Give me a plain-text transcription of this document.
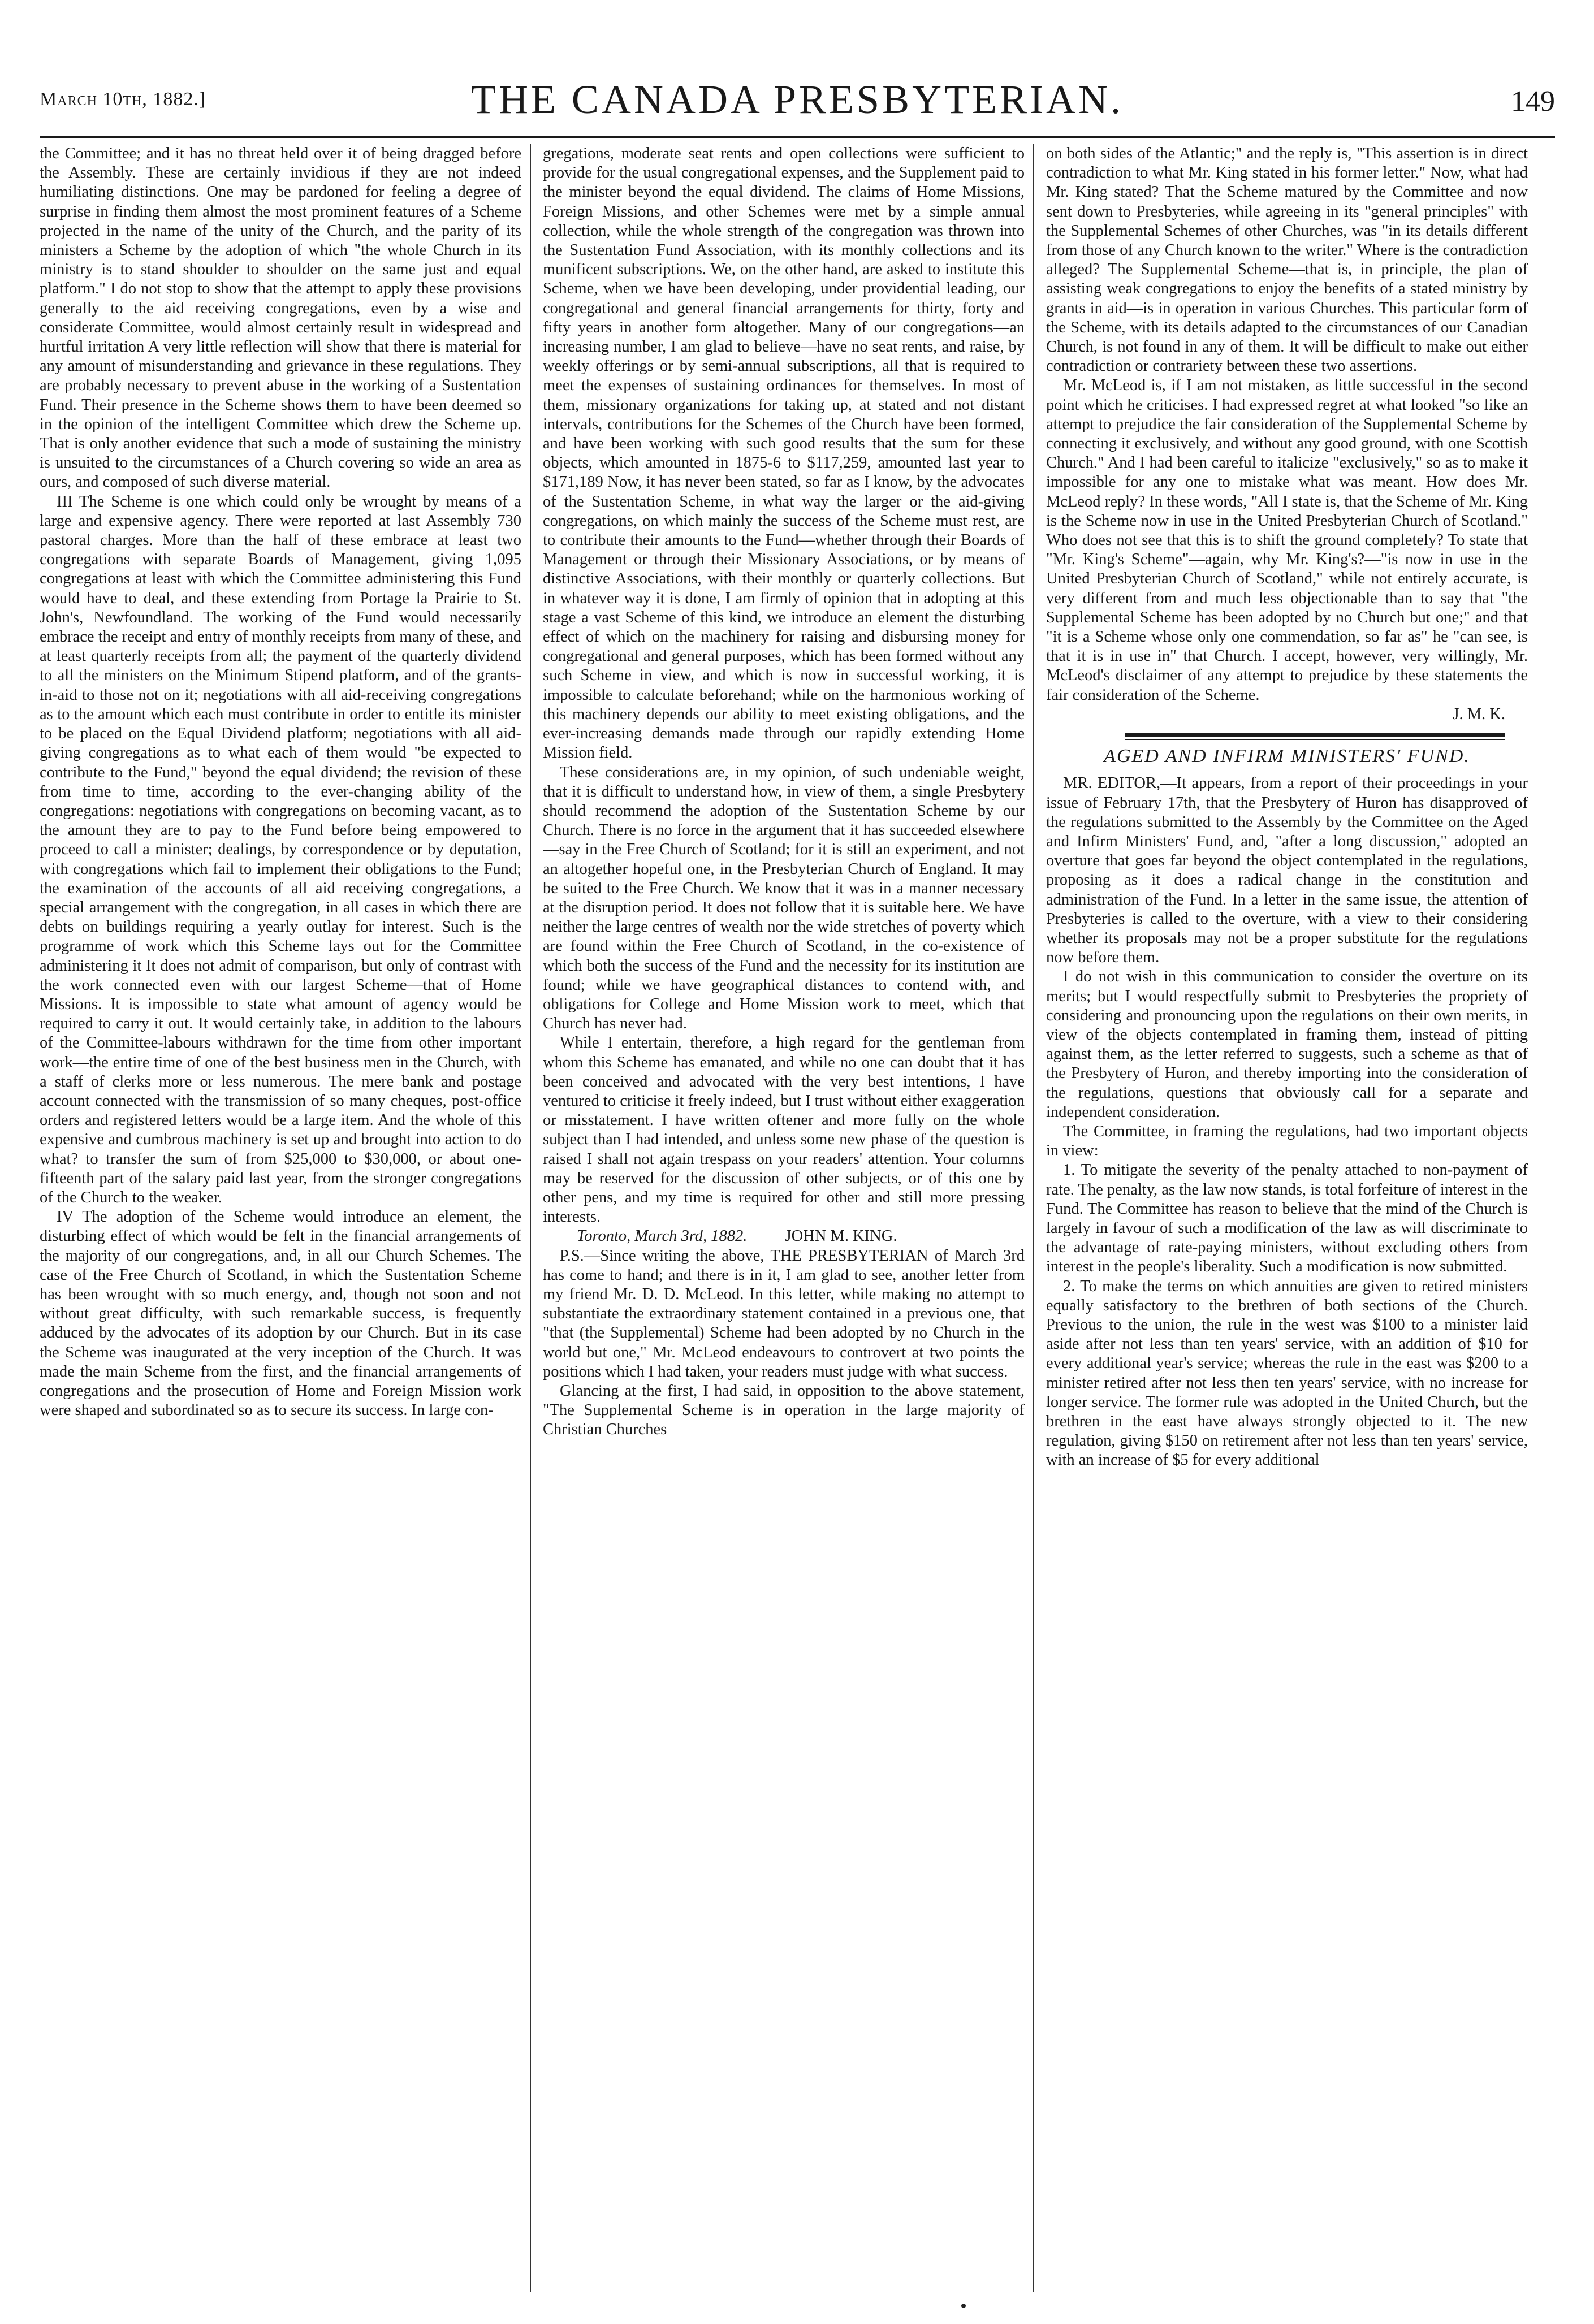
March 10th, 1882.]	THE CANADA PRESBYTERIAN.	149

the Committee; and it has no threat held over it of being dragged before the Assembly. These are certainly invidious if they are not indeed humiliating distinctions. One may be pardoned for feeling a degree of surprise in finding them almost the most prominent features of a Scheme projected in the name of the unity of the Church, and the parity of its ministers a Scheme by the adoption of which "the whole Church in its ministry is to stand shoulder to shoulder on the same just and equal platform." I do not stop to show that the attempt to apply these provisions generally to the aid receiving congregations, even by a wise and considerate Committee, would almost certainly result in widespread and hurtful irritation A very little reflection will show that there is material for any amount of misunderstanding and grievance in these regulations. They are probably necessary to prevent abuse in the working of a Sustentation Fund. Their presence in the Scheme shows them to have been deemed so in the opinion of the intelligent Committee which drew the Scheme up. That is only another evidence that such a mode of sustaining the ministry is unsuited to the circumstances of a Church covering so wide an area as ours, and composed of such diverse material.

III The Scheme is one which could only be wrought by means of a large and expensive agency. There were reported at last Assembly 730 pastoral charges. More than the half of these embrace at least two congregations with separate Boards of Management, giving 1,095 congregations at least with which the Committee administering this Fund would have to deal, and these extending from Portage la Prairie to St. John's, Newfoundland. The working of the Fund would necessarily embrace the receipt and entry of monthly receipts from many of these, and at least quarterly receipts from all; the payment of the quarterly dividend to all the ministers on the Minimum Stipend platform, and of the grants-in-aid to those not on it; negotiations with all aid-receiving congregations as to the amount which each must contribute in order to entitle its minister to be placed on the Equal Dividend platform; negotiations with all aid-giving congregations as to what each of them would "be expected to contribute to the Fund," beyond the equal dividend; the revision of these from time to time, according to the ever-changing ability of the congregations: negotiations with congregations on becoming vacant, as to the amount they are to pay to the Fund before being empowered to proceed to call a minister; dealings, by correspondence or by deputation, with congregations which fail to implement their obligations to the Fund; the examination of the accounts of all aid receiving congregations, a special arrangement with the congregation, in all cases in which there are debts on buildings requiring a yearly outlay for interest. Such is the programme of work which this Scheme lays out for the Committee administering it It does not admit of comparison, but only of contrast with the work connected even with our largest Scheme—that of Home Missions. It is impossible to state what amount of agency would be required to carry it out. It would certainly take, in addition to the labours of the Committee-labours withdrawn for the time from other important work—the entire time of one of the best business men in the Church, with a staff of clerks more or less numerous. The mere bank and postage account connected with the transmission of so many cheques, post-office orders and registered letters would be a large item. And the whole of this expensive and cumbrous machinery is set up and brought into action to do what? to transfer the sum of from $25,000 to $30,000, or about one-fifteenth part of the salary paid last year, from the stronger congregations of the Church to the weaker.

IV The adoption of the Scheme would introduce an element, the disturbing effect of which would be felt in the financial arrangements of the majority of our congregations, and, in all our Church Schemes. The case of the Free Church of Scotland, in which the Sustentation Scheme has been wrought with so much energy, and, though not soon and not without great difficulty, with such remarkable success, is frequently adduced by the advocates of its adoption by our Church. But in its case the Scheme was inaugurated at the very inception of the Church. It was made the main Scheme from the first, and the financial arrangements of congregations and the prosecution of Home and Foreign Mission work were shaped and subordinated so as to secure its success. In large con-

gregations, moderate seat rents and open collections were sufficient to provide for the usual congregational expenses, and the Supplement paid to the minister beyond the equal dividend. The claims of Home Missions, Foreign Missions, and other Schemes were met by a simple annual collection, while the whole strength of the congregation was thrown into the Sustentation Fund Association, with its monthly collections and its munificent subscriptions. We, on the other hand, are asked to institute this Scheme, when we have been developing, under providential leading, our congregational and general financial arrangements for thirty, forty and fifty years in another form altogether. Many of our congregations—an increasing number, I am glad to believe—have no seat rents, and raise, by weekly offerings or by semi-annual subscriptions, all that is required to meet the expenses of sustaining ordinances for themselves. In most of them, missionary organizations for taking up, at stated and not distant intervals, contributions for the Schemes of the Church have been formed, and have been working with such good results that the sum for these objects, which amounted in 1875-6 to $117,259, amounted last year to $171,189 Now, it has never been stated, so far as I know, by the advocates of the Sustentation Scheme, in what way the larger or the aid-giving congregations, on which mainly the success of the Scheme must rest, are to contribute their amounts to the Fund—whether through their Boards of Management or through their Missionary Associations, or by means of distinctive Associations, with their monthly or quarterly collections. But in whatever way it is done, I am firmly of opinion that in adopting at this stage a vast Scheme of this kind, we introduce an element the disturbing effect of which on the machinery for raising and disbursing money for congregational and general purposes, which has been formed without any such Scheme in view, and which is now in successful working, it is impossible to calculate beforehand; while on the harmonious working of this machinery depends our ability to meet existing obligations, and the ever-increasing demands made through our rapidly extending Home Mission field.

These considerations are, in my opinion, of such undeniable weight, that it is difficult to understand how, in view of them, a single Presbytery should recommend the adoption of the Sustentation Scheme by our Church. There is no force in the argument that it has succeeded elsewhere—say in the Free Church of Scotland; for it is still an experiment, and not an altogether hopeful one, in the Presbyterian Church of England. It may be suited to the Free Church. We know that it was in a manner necessary at the disruption period. It does not follow that it is suitable here. We have neither the large centres of wealth nor the wide stretches of poverty which are found within the Free Church of Scotland, in the co-existence of which both the success of the Fund and the necessity for its institution are found; while we have geographical distances to contend with, and obligations for College and Home Mission work to meet, which that Church has never had.

While I entertain, therefore, a high regard for the gentleman from whom this Scheme has emanated, and while no one can doubt that it has been conceived and advocated with the very best intentions, I have ventured to criticise it freely indeed, but I trust without either exaggeration or misstatement. I have written oftener and more fully on the whole subject than I had intended, and unless some new phase of the question is raised I shall not again trespass on your readers' attention. Your columns may be reserved for the discussion of other subjects, or of this one by other pens, and my time is required for other and still more pressing interests.

Toronto, March 3rd, 1882. JOHN M. KING.

P.S.—Since writing the above, THE PRESBYTERIAN of March 3rd has come to hand; and there is in it, I am glad to see, another letter from my friend Mr. D. D. McLeod. In this letter, while making no attempt to substantiate the extraordinary statement contained in a previous one, that "that (the Supplemental) Scheme had been adopted by no Church in the world but one," Mr. McLeod endeavours to controvert at two points the positions which I had taken, your readers must judge with what success.

Glancing at the first, I had said, in opposition to the above statement, "The Supplemental Scheme is in operation in the large majority of Christian Churches

on both sides of the Atlantic;" and the reply is, "This assertion is in direct contradiction to what Mr. King stated in his former letter." Now, what had Mr. King stated? That the Scheme matured by the Committee and now sent down to Presbyteries, while agreeing in its "general principles" with the Supplemental Schemes of other Churches, was "in its details different from those of any Church known to the writer." Where is the contradiction alleged? The Supplemental Scheme—that is, in principle, the plan of assisting weak congregations to enjoy the benefits of a stated ministry by grants in aid—is in operation in various Churches. This particular form of the Scheme, with its details adapted to the circumstances of our Canadian Church, is not found in any of them. It will be difficult to make out either contradiction or contrariety between these two assertions.

Mr. McLeod is, if I am not mistaken, as little successful in the second point which he criticises. I had expressed regret at what looked "so like an attempt to prejudice the fair consideration of the Supplemental Scheme by connecting it exclusively, and without any good ground, with one Scottish Church." And I had been careful to italicize "exclusively," so as to make it impossible for any one to mistake what was meant. How does Mr. McLeod reply? In these words, "All I state is, that the Scheme of Mr. King is the Scheme now in use in the United Presbyterian Church of Scotland." Who does not see that this is to shift the ground completely? To state that "Mr. King's Scheme"—again, why Mr. King's?—"is now in use in the United Presbyterian Church of Scotland," while not entirely accurate, is very different from and much less objectionable than to say that "the Supplemental Scheme has been adopted by no Church but one;" and that "it is a Scheme whose only one commendation, so far as" he "can see, is that it is in use in" that Church. I accept, however, very willingly, Mr. McLeod's disclaimer of any attempt to prejudice by these statements the fair consideration of the Scheme.

J. M. K.

AGED AND INFIRM MINISTERS' FUND.

MR. EDITOR,—It appears, from a report of their proceedings in your issue of February 17th, that the Presbytery of Huron has disapproved of the regulations submitted to the Assembly by the Committee on the Aged and Infirm Ministers' Fund, and, "after a long discussion," adopted an overture that goes far beyond the object contemplated in the regulations, proposing as it does a radical change in the constitution and administration of the Fund. In a letter in the same issue, the attention of Presbyteries is called to the overture, with a view to their considering whether its proposals may not be a proper substitute for the regulations now before them.

I do not wish in this communication to consider the overture on its merits; but I would respectfully submit to Presbyteries the propriety of considering and pronouncing upon the regulations on their own merits, in view of the objects contemplated in framing them, instead of pitting against them, as the letter referred to suggests, such a scheme as that of the Presbytery of Huron, and thereby importing into the consideration of the regulations, questions that obviously call for a separate and independent consideration.

The Committee, in framing the regulations, had two important objects in view:

1. To mitigate the severity of the penalty attached to non-payment of rate. The penalty, as the law now stands, is total forfeiture of interest in the Fund. The Committee has reason to believe that the mind of the Church is largely in favour of such a modification of the law as will discriminate to the advantage of rate-paying ministers, without excluding others from interest in the people's liberality. Such a modification is now submitted.

2. To make the terms on which annuities are given to retired ministers equally satisfactory to the brethren of both sections of the Church. Previous to the union, the rule in the west was $100 to a minister laid aside after not less than ten years' service, with an addition of $10 for every additional year's service; whereas the rule in the east was $200 to a minister retired after not less then ten years' service, with no increase for longer service. The former rule was adopted in the United Church, but the brethren in the east have always strongly objected to it. The new regulation, giving $150 on retirement after not less than ten years' service, with an increase of $5 for every additional
